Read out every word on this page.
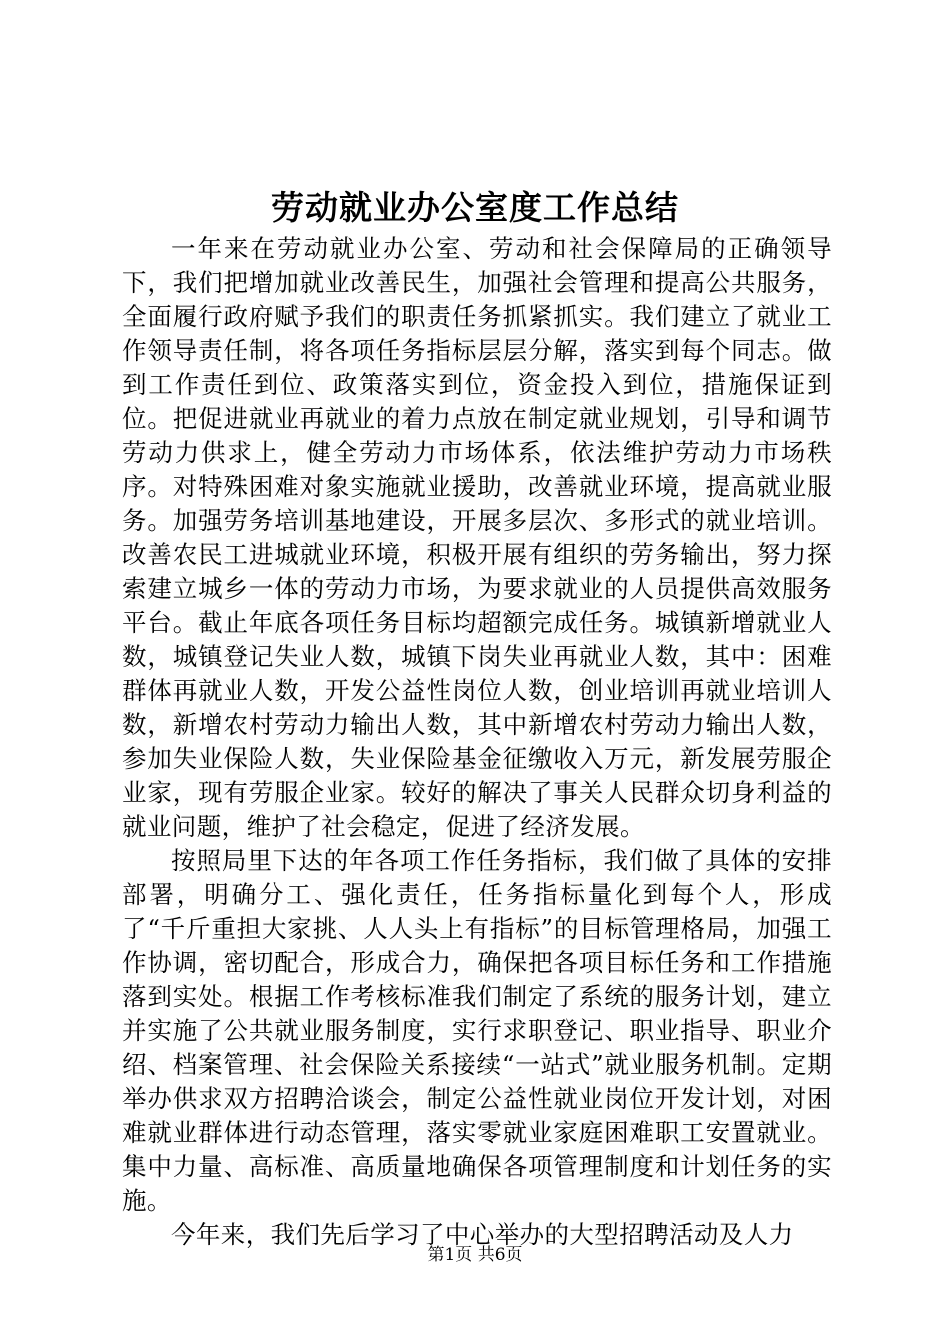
劳动就业办公室度工作总结

一年来在劳动就业办公室、劳动和社会保障局的正确领导下，我们把增加就业改善民生，加强社会管理和提高公共服务，全面履行政府赋予我们的职责任务抓紧抓实。我们建立了就业工作领导责任制，将各项任务指标层层分解，落实到每个同志。做到工作责任到位、政策落实到位，资金投入到位，措施保证到位。把促进就业再就业的着力点放在制定就业规划，引导和调节劳动力供求上，健全劳动力市场体系，依法维护劳动力市场秩序。对特殊困难对象实施就业援助，改善就业环境，提高就业服务。加强劳务培训基地建设，开展多层次、多形式的就业培训。改善农民工进城就业环境，积极开展有组织的劳务输出，努力探索建立城乡一体的劳动力市场，为要求就业的人员提供高效服务平台。截止年底各项任务目标均超额完成任务。城镇新增就业人数，城镇登记失业人数，城镇下岗失业再就业人数，其中：困难群体再就业人数，开发公益性岗位人数，创业培训再就业培训人数，新增农村劳动力输出人数，其中新增农村劳动力输出人数，参加失业保险人数，失业保险基金征缴收入万元，新发展劳服企业家，现有劳服企业家。较好的解决了事关人民群众切身利益的就业问题，维护了社会稳定，促进了经济发展。

按照局里下达的年各项工作任务指标，我们做了具体的安排部署，明确分工、强化责任，任务指标量化到每个人，形成了“千斤重担大家挑、人人头上有指标”的目标管理格局，加强工作协调，密切配合，形成合力，确保把各项目标任务和工作措施落到实处。根据工作考核标准我们制定了系统的服务计划，建立并实施了公共就业服务制度，实行求职登记、职业指导、职业介绍、档案管理、社会保险关系接续“一站式”就业服务机制。定期举办供求双方招聘洽谈会，制定公益性就业岗位开发计划，对困难就业群体进行动态管理，落实零就业家庭困难职工安置就业。集中力量、高标准、高质量地确保各项管理制度和计划任务的实施。

今年来，我们先后学习了中心举办的大型招聘活动及人力

第1页 共6页
